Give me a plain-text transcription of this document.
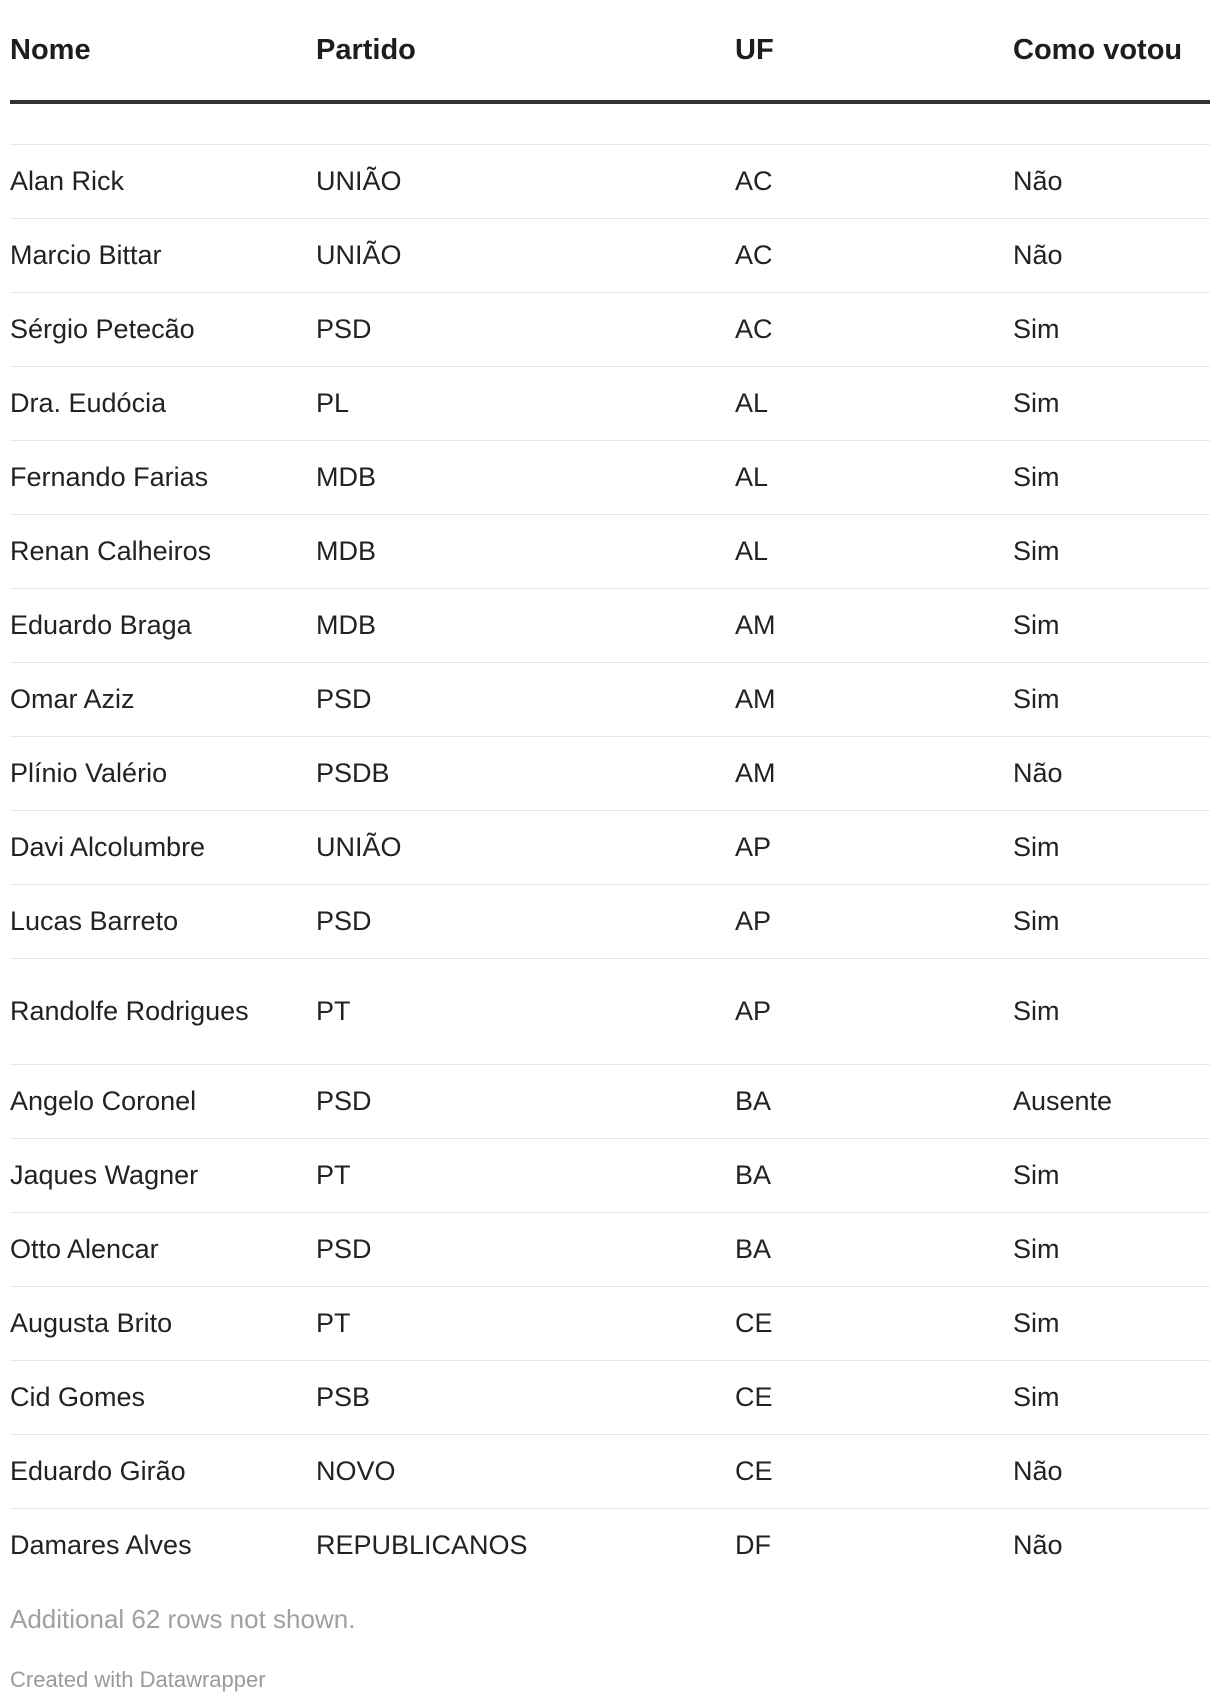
Nome	Partido	UF	Como votou

Alan Rick	UNIÃO	AC	Não
Marcio Bittar	UNIÃO	AC	Não
Sérgio Petecão	PSD	AC	Sim
Dra. Eudócia	PL	AL	Sim
Fernando Farias	MDB	AL	Sim
Renan Calheiros	MDB	AL	Sim
Eduardo Braga	MDB	AM	Sim
Omar Aziz	PSD	AM	Sim
Plínio Valério	PSDB	AM	Não
Davi Alcolumbre	UNIÃO	AP	Sim
Lucas Barreto	PSD	AP	Sim
Randolfe Rodrigues	PT	AP	Sim
Angelo Coronel	PSD	BA	Ausente
Jaques Wagner	PT	BA	Sim
Otto Alencar	PSD	BA	Sim
Augusta Brito	PT	CE	Sim
Cid Gomes	PSB	CE	Sim
Eduardo Girão	NOVO	CE	Não
Damares Alves	REPUBLICANOS	DF	Não
Additional 62 rows not shown.
Created with Datawrapper
